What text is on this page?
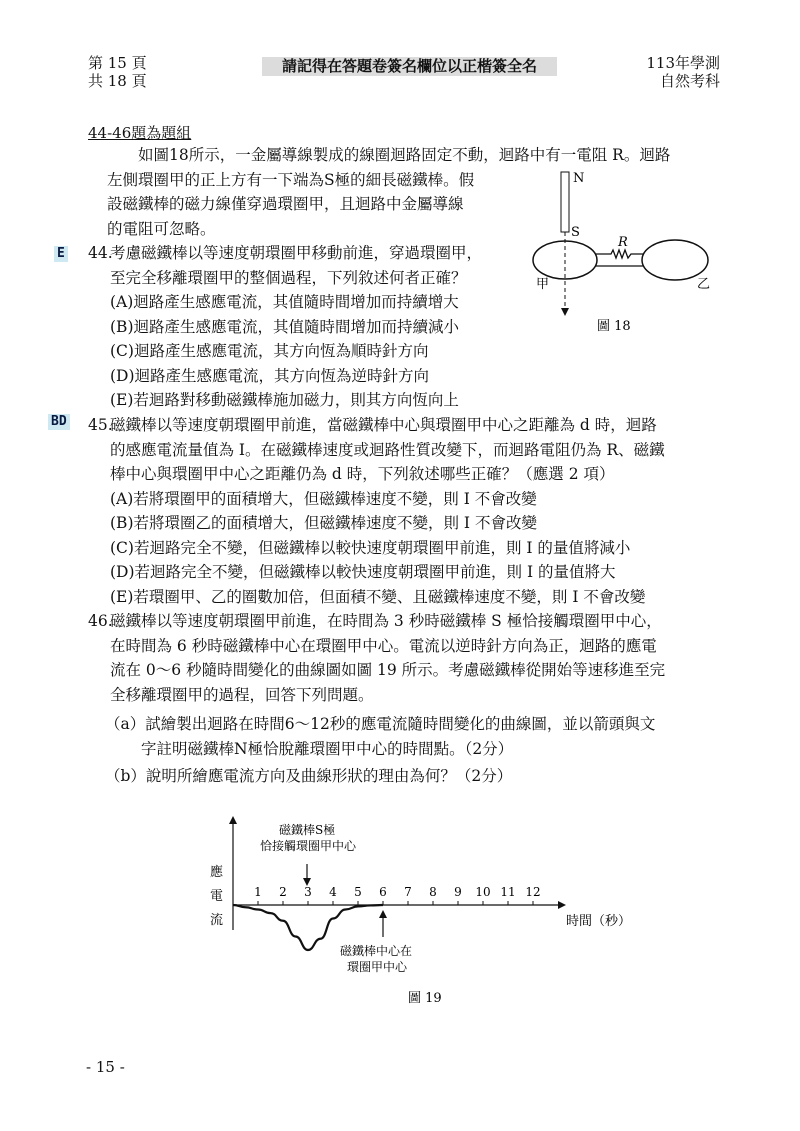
第 15 頁
共 18 頁
請記得在答題卷簽名欄位以正楷簽全名	113年學測
自然考科
44-46題為題組
如圖18所示，一金屬導線製成的線圈迴路固定不動，迴路中有一電阻 R。迴路
左側環圈甲的正上方有一下端為S極的細長磁鐵棒。假
設磁鐵棒的磁力線僅穿過環圈甲，且迴路中金屬導線
的電阻可忽略。
N
S
R
甲	乙
圖 18
E 44.
考慮磁鐵棒以等速度朝環圈甲移動前進，穿過環圈甲，
至完全移離環圈甲的整個過程，下列敘述何者正確？
(A)迴路產生感應電流，其值隨時間增加而持續增大
(B)迴路產生感應電流，其值隨時間增加而持續減小
(C)迴路產生感應電流，其方向恆為順時針方向
(D)迴路產生感應電流，其方向恆為逆時針方向
(E)若迴路對移動磁鐵棒施加磁力，則其方向恆向上
BD 45.
磁鐵棒以等速度朝環圈甲前進，當磁鐵棒中心與環圈甲中心之距離為 d 時，迴路
的感應電流量值為 I。在磁鐵棒速度或迴路性質改變下，而迴路電阻仍為 R、磁鐵
棒中心與環圈甲中心之距離仍為 d 時，下列敘述哪些正確？（應選 2 項）
(A)若將環圈甲的面積增大，但磁鐵棒速度不變，則 I 不會改變
(B)若將環圈乙的面積增大，但磁鐵棒速度不變，則 I 不會改變
(C)若迴路完全不變，但磁鐵棒以較快速度朝環圈甲前進，則 I 的量值將減小
(D)若迴路完全不變，但磁鐵棒以較快速度朝環圈甲前進，則 I 的量值將大
(E)若環圈甲、乙的圈數加倍，但面積不變、且磁鐵棒速度不變，則 I 不會改變
46.
磁鐵棒以等速度朝環圈甲前進，在時間為 3 秒時磁鐵棒 S 極恰接觸環圈甲中心，
在時間為 6 秒時磁鐵棒中心在環圈甲中心。電流以逆時針方向為正，迴路的應電
流在 0～6 秒隨時間變化的曲線圖如圖 19 所示。考慮磁鐵棒從開始等速移進至完
全移離環圈甲的過程，回答下列問題。
（a）試繪製出迴路在時間6～12秒的應電流隨時間變化的曲線圖，並以箭頭與文
字註明磁鐵棒N極恰脫離環圈甲中心的時間點。（2分）
（b）說明所繪應電流方向及曲線形狀的理由為何？（2分）
應
電
流	時間（秒）
1 2 3 4 5 6 7 8 9 10 11 12
磁鐵棒S極
恰接觸環圈甲中心
磁鐵棒中心在
環圈甲中心
圖 19
- 15 -
